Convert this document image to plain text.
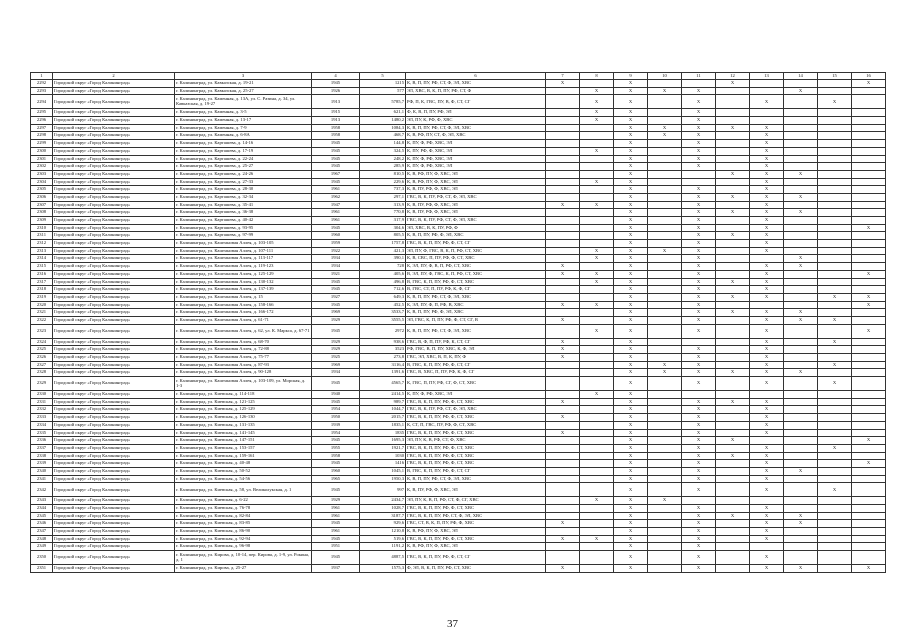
1	2	3	4	5	6	7	8	9	10	11	12	13	14	15	16
2292	Городской округ «Город Калининград»	г. Калининград, ул. Кавказская, д. 19-21	1945	1215	К, В, П, ПУ, РФ, СТ, Ф, ЭЛ, ХВС	Х		Х			Х				Х
2293	Городской округ «Город Калининград»	г. Калининград, ул. Кавказская, д. 25-27	1926	577	ЭЛ, ХВС, В, К, П, ПУ, РФ, СТ, Ф		Х	Х	Х	Х			Х		
2294	Городской округ «Город Калининград»	г. Калининград, ул. Каменная, д. 13А, ул. С. Разина, д. 34, ул. Кавказская, д. 19-27	1913	5785,7	РФ, П, К, ГВС, ПУ, В, Ф, СТ, СГ		Х	Х		Х		Х		Х	
2295	Городской округ «Город Калининград»	г. Калининград, ул. Каменная, д. 3-5	1915	621,1	Ф, К, В, П, ПУ, РФ, ЭЛ		Х	Х		Х					
2296	Городской округ «Город Калининград»	г. Калининград, ул. Каменная, д. 13-17	1913	1480,2	ЭЛ, ПУ, К, РФ, Ф, ХВС		Х	Х		Х					
2297	Городской округ «Город Калининград»	г. Калининград, ул. Каменная, д. 7-9	1958	1084,3	К, В, П, ПУ, РФ, СТ, Ф, ЭЛ, ХВС			Х	Х	Х	Х	Х			
2298	Городской округ «Город Калининград»	г. Калининград, ул. Каменная, д. 6-8А	1958	468,7	К, В, РФ, ПУ, СТ, Ф, ЭЛ, ХВС			Х	Х	Х		Х			
2299	Городской округ «Город Калининград»	г. Калининград, ул. Карташева, д. 14-16	1945	144,8	К, ПУ, Ф, РФ, ХВС, ЭЛ			Х		Х		Х			
2300	Городской округ «Город Калининград»	г. Калининград, ул. Карташева, д. 17-19	1945	324,5	К, ПУ, РФ, Ф, ХВС, ЭЛ		Х	Х		Х		Х			
2301	Городской округ «Город Калининград»	г. Калининград, ул. Карташева, д. 22-24	1945	248,2	К, ПУ, Ф, РФ, ХВС, ЭЛ			Х		Х		Х			
2302	Городской округ «Город Калининград»	г. Калининград, ул. Карташева, д. 25-27	1945	285,9	К, ПУ, Ф, РФ, ХВС, ЭЛ			Х		Х		Х			
2303	Городской округ «Город Калининград»	г. Калининград, ул. Карташева, д. 24-26	1967	810,5	К, В, РФ, ПУ, Ф, ХВС, ЭЛ			Х			Х	Х	Х		
2304	Городской округ «Город Калининград»	г. Калининград, ул. Карташева, д. 27-33	1945	229,6	К, В, РФ, ПУ, Ф, ХВС, ЭЛ		Х	Х				Х			
2305	Городской округ «Город Калининград»	г. Калининград, ул. Карташева, д. 28-30	1961	737,3	К, В, ПУ, РФ, Ф, ХВС, ЭЛ			Х		Х		Х			
2306	Городской округ «Город Калининград»	г. Калининград, ул. Карташева, д. 32-34	1962	297,1	ГВС, В, К, ПУ, РФ, СТ, Ф, ЭЛ, ХВС			Х		Х	Х	Х	Х		
2307	Городской округ «Город Калининград»	г. Калининград, ул. Карташева, д. 35-41	1947	313,9	К, В, ПУ, РФ, Ф, ХВС, ЭЛ	Х	Х	Х		Х		Х			
2308	Городской округ «Город Калининград»	г. Калининград, ул. Карташева, д. 36-38	1961	770,8	К, В, ПУ, РФ, Ф, ХВС, ЭЛ			Х		Х	Х	Х	Х		
2309	Городской округ «Город Калининград»	г. Калининград, ул. Карташева, д. 40-42	1961	317,9	ГВС, В, К, ПУ, РФ, СТ, Ф, ЭЛ, ХВС			Х		Х		Х			
2310	Городской округ «Город Калининград»	г. Калининград, ул. Карташева, д. 93-95	1945	304,6	ЭЛ, ХВС, В, К, ПУ, РФ, Ф			Х		Х		Х			Х
2311	Городской округ «Город Калининград»	г. Калининград, ул. Карташева, д. 97-99	1960	805,5	К, В, П, ПУ, РФ, Ф, ЭЛ, ХВС			Х		Х	Х	Х			
2312	Городской округ «Город Калининград»	г. Калининград, ул. Каштановая Аллея, д. 103-105	1959	1757,8	ГВС, В, К, П, ПУ, РФ, Ф, СТ, СГ			Х		Х		Х			
2313	Городской округ «Город Калининград»	г. Калининград, ул. Каштановая Аллея, д. 107-111	1922	421,3	ЭЛ, ПУ, Ф, ГВС, В, К, П, РФ, СТ, ХВС		Х	Х	Х	Х		Х			
2314	Городской округ «Город Калининград»	г. Калининград, ул. Каштановая Аллея, д. 113-117	1934	390,1	К, В, СВС, П, ПУ, РФ, Ф, СТ, ХВС		Х	Х		Х			Х		
2315	Городской округ «Город Калининград»	г. Калининград, ул. Каштановая Аллея, д. 119-123	1934	728	К, ЭЛ, ПУ, Ф, В, П, РФ, СТ, ХВС	Х		Х		Х		Х	Х		
2316	Городской округ «Город Калининград»	г. Калининград, ул. Каштановая Аллея, д. 125-129	1921	405,6	В, ЭЛ, ПУ, Ф, ГВС, К, П, РФ, СТ, ХВС	Х	Х	Х		Х		Х			Х
2317	Городской округ «Город Калининград»	г. Калининград, ул. Каштановая Аллея, д. 130-132	1945	496,8	В, ГВС, К, П, ПУ, РФ, Ф, СТ, ХВС		Х	Х		Х	Х	Х			
2318	Городской округ «Город Калининград»	г. Калининград, ул. Каштановая Аллея, д. 137-139	1945	712,6	В, ГВС, СТ, П, ПУ, РФ, К, Ф, СГ			Х		Х		Х			
2319	Городской округ «Город Калининград»	г. Калининград, ул. Каштановая Аллея, д. 15	1927	649,3	К, В, П, ПУ, РФ, СТ, Ф, ЭЛ, ХВС			Х		Х	Х	Х		Х	Х
2320	Городской округ «Город Калининград»	г. Калининград, ул. Каштановая Аллея, д. 158-166	1945	452,5	К, ЭЛ, ПУ, Ф, П, РФ, В, ХВС	Х	Х	Х		Х					Х
2321	Городской округ «Город Калининград»	г. Калининград, ул. Каштановая Аллея, д. 166-172	1969	3533,7	К, В, П, ПУ, РФ, Ф, ЭЛ, ХВС			Х		Х	Х	Х	Х		
2322	Городской округ «Город Калининград»	г. Калининград, ул. Каштановая Аллея, д. 61-71	1929	3555,5	ЭЛ, ГВС, К, П, ПУ, РФ, Ф, СТ, СГ, В	Х		Х		Х		Х	Х	Х	
2323	Городской округ «Город Калининград»	г. Калининград, ул. Каштановая Аллея, д. 62, ул. К. Маркса, д. 67-71	1945	2972	К, В, П, ПУ, РФ, СТ, Ф, ЭЛ, ХВС		Х	Х		Х		Х			Х
2324	Городской округ «Город Калининград»	г. Калининград, ул. Каштановая Аллея, д. 68-70	1929	938,6	ГВС, В, Ф, П, ПУ, РФ, К, СТ, СГ	Х		Х				Х		Х	
2325	Городской округ «Город Калининград»	г. Калининград, ул. Каштановая Аллея, д. 72-88	1929	3523	РФ, ГВС, В, П, ПУ, ХВС, К, Ф, ЭЛ	Х		Х		Х		Х			
2326	Городской округ «Город Калининград»	г. Калининград, ул. Каштановая Аллея, д. 75-77	1925	273,8	ГВС, ЭЛ, ХВС, В, П, К, ПУ, Ф	Х		Х		Х		Х			
2327	Городской округ «Город Калининград»	г. Калининград, ул. Каштановая Аллея, д. 87-93	1969	3116,4	В, ГВС, К, П, ПУ, РФ, Ф, СТ, СГ			Х	Х	Х		Х		Х	
2328	Городской округ «Город Калининград»	г. Калининград, ул. Каштановая Аллея, д. 90-128	1934	1391,6	ГВС, В, ХВС, П, ПУ, РФ, К, Ф, СГ			Х	Х	Х	Х	Х	Х		
2329	Городской округ «Город Калининград»	г. Калининград, ул. Каштановая Аллея, д. 103-109, ул. Морская, д. 1-3	1945	4565,7	К, ГВС, П, ПУ, РФ, СГ, Ф, СТ, ХВС			Х		Х		Х		Х	
2330	Городской округ «Город Калининград»	г. Калининград, ул. Киевская, д. 114-118	1940	2414,5	К, ПУ, Ф, РФ, ХВС, ЭЛ		Х	Х							
2331	Городской округ «Город Калининград»	г. Калининград, ул. Киевская, д. 121-125	1945	989,7	ГВС, В, К, П, ПУ, РФ, Ф, СТ, ХВС	Х		Х		Х	Х	Х			
2332	Городской округ «Город Калининград»	г. Калининград, ул. Киевская, д. 125-129	1954	1044,7	ГВС, В, К, ПУ, РФ, СТ, Ф, ЭЛ, ХВС			Х		Х		Х			
2333	Городской округ «Город Калининград»	г. Калининград, ул. Киевская, д. 126-130	1950	2015,7	ГВС, В, К, П, ПУ, РФ, Ф, СТ, ХВС	Х		Х		Х		Х			
2334	Городской округ «Город Калининград»	г. Калининград, ул. Киевская, д. 131-135	1939	1835,1	К, СТ, П, ГВС, ПУ, РФ, Ф, СТ, ХВС			Х		Х		Х			
2335	Городской округ «Город Калининград»	г. Калининград, ул. Киевская, д. 141-145	1954	1835	ГВС, В, К, П, ПУ, РФ, Ф, СТ, ХВС	Х		Х		Х		Х			
2336	Городской округ «Город Калининград»	г. Калининград, ул. Киевская, д. 147-151	1945	1695,3	ЭЛ, ПУ, К, В, РФ, СТ, Ф, ХВС			Х		Х	Х				Х
2337	Городской округ «Город Калининград»	г. Калининград, ул. Киевская, д. 153-157	1955	1921,7	ГВС, В, К, П, ПУ, РФ, Ф, СТ, ХВС			Х		Х		Х		Х	
2338	Городской округ «Город Калининград»	г. Калининград, ул. Киевская, д. 159-161	1958	1030	ГВС, В, К, П, ПУ, РФ, Ф, СТ, ХВС			Х		Х	Х	Х			
2339	Городской округ «Город Калининград»	г. Калининград, ул. Киевская, д. 40-48	1945	1416	ГВС, В, К, П, ПУ, РФ, Ф, СТ, ХВС			Х		Х		Х			Х
2340	Городской округ «Город Калининград»	г. Калининград, ул. Киевская, д. 50-52	1960	1045,1	В, ГВС, К, П, ПУ, РФ, Ф, СТ, СГ			Х		Х		Х	Х		
2341	Городской округ «Город Калининград»	г. Калининград, ул. Киевская, д. 54-56	1965	1950,3	К, В, П, ПУ, РФ, СТ, Ф, ЭЛ, ХВС			Х		Х		Х			
2342	Городской округ «Город Калининград»	г. Калининград, ул. Киевская, д. 58, ул. Великолукская, д. 1	1945	997	К, В, ПУ, РФ, Ф, ХВС, ЭЛ			Х		Х		Х		Х	
2343	Городской округ «Город Калининград»	г. Калининград, ул. Киевская, д. 6-22	1929	2434,7	ЭЛ, ПУ, К, В, П, РФ, СТ, Ф, СГ, ХВС		Х	Х	Х						
2344	Городской округ «Город Калининград»	г. Калининград, ул. Киевская, д. 76-78	1961	1028,7	ГВС, В, К, П, ПУ, РФ, Ф, СТ, ХВС			Х		Х		Х			
2345	Городской округ «Город Калининград»	г. Калининград, ул. Киевская, д. 82-84	1961	3187,7	ГВС, В, К, П, ПУ, РФ, СТ, Ф, ЭЛ, ХВС			Х		Х	Х	Х	Х		
2346	Городской округ «Город Калининград»	г. Калининград, ул. Киевская, д. 83-85	1945	929,6	ГВС, СТ, В, К, П, ПУ, РФ, Ф, ХВС	Х		Х		Х		Х	Х		
2347	Городской округ «Город Калининград»	г. Калининград, ул. Киевская, д. 86-90	1961	1210,8	К, В, РФ, ПУ, Ф, ХВС, ЭЛ			Х		Х		Х			
2348	Городской округ «Город Калининград»	г. Калининград, ул. Киевская, д. 92-94	1945	519,6	ГВС, В, К, П, ПУ, РФ, Ф, СТ, ХВС	Х	Х	Х		Х		Х			
2349	Городской округ «Город Калининград»	г. Калининград, ул. Киевская, д. 96-98	1951	1191,2	К, В, РФ, ПУ, Ф, ХВС, ЭЛ			Х		Х					
2350	Городской округ «Город Калининград»	г. Калининград, ул. Кирова, д. 10-14, пер. Кирова, д. 1-9, ул. Рокина, д. 1	1945	4887,5	ГВС, В, К, П, ПУ, РФ, Ф, СТ, СГ			Х		Х		Х			
2351	Городской округ «Город Калининград»	г. Калининград, ул. Кирова, д. 25-27	1937	1575,3	Ф, ЭЛ, В, К, П, ПУ, РФ, СТ, ХВС	Х		Х		Х		Х	Х		Х
37
